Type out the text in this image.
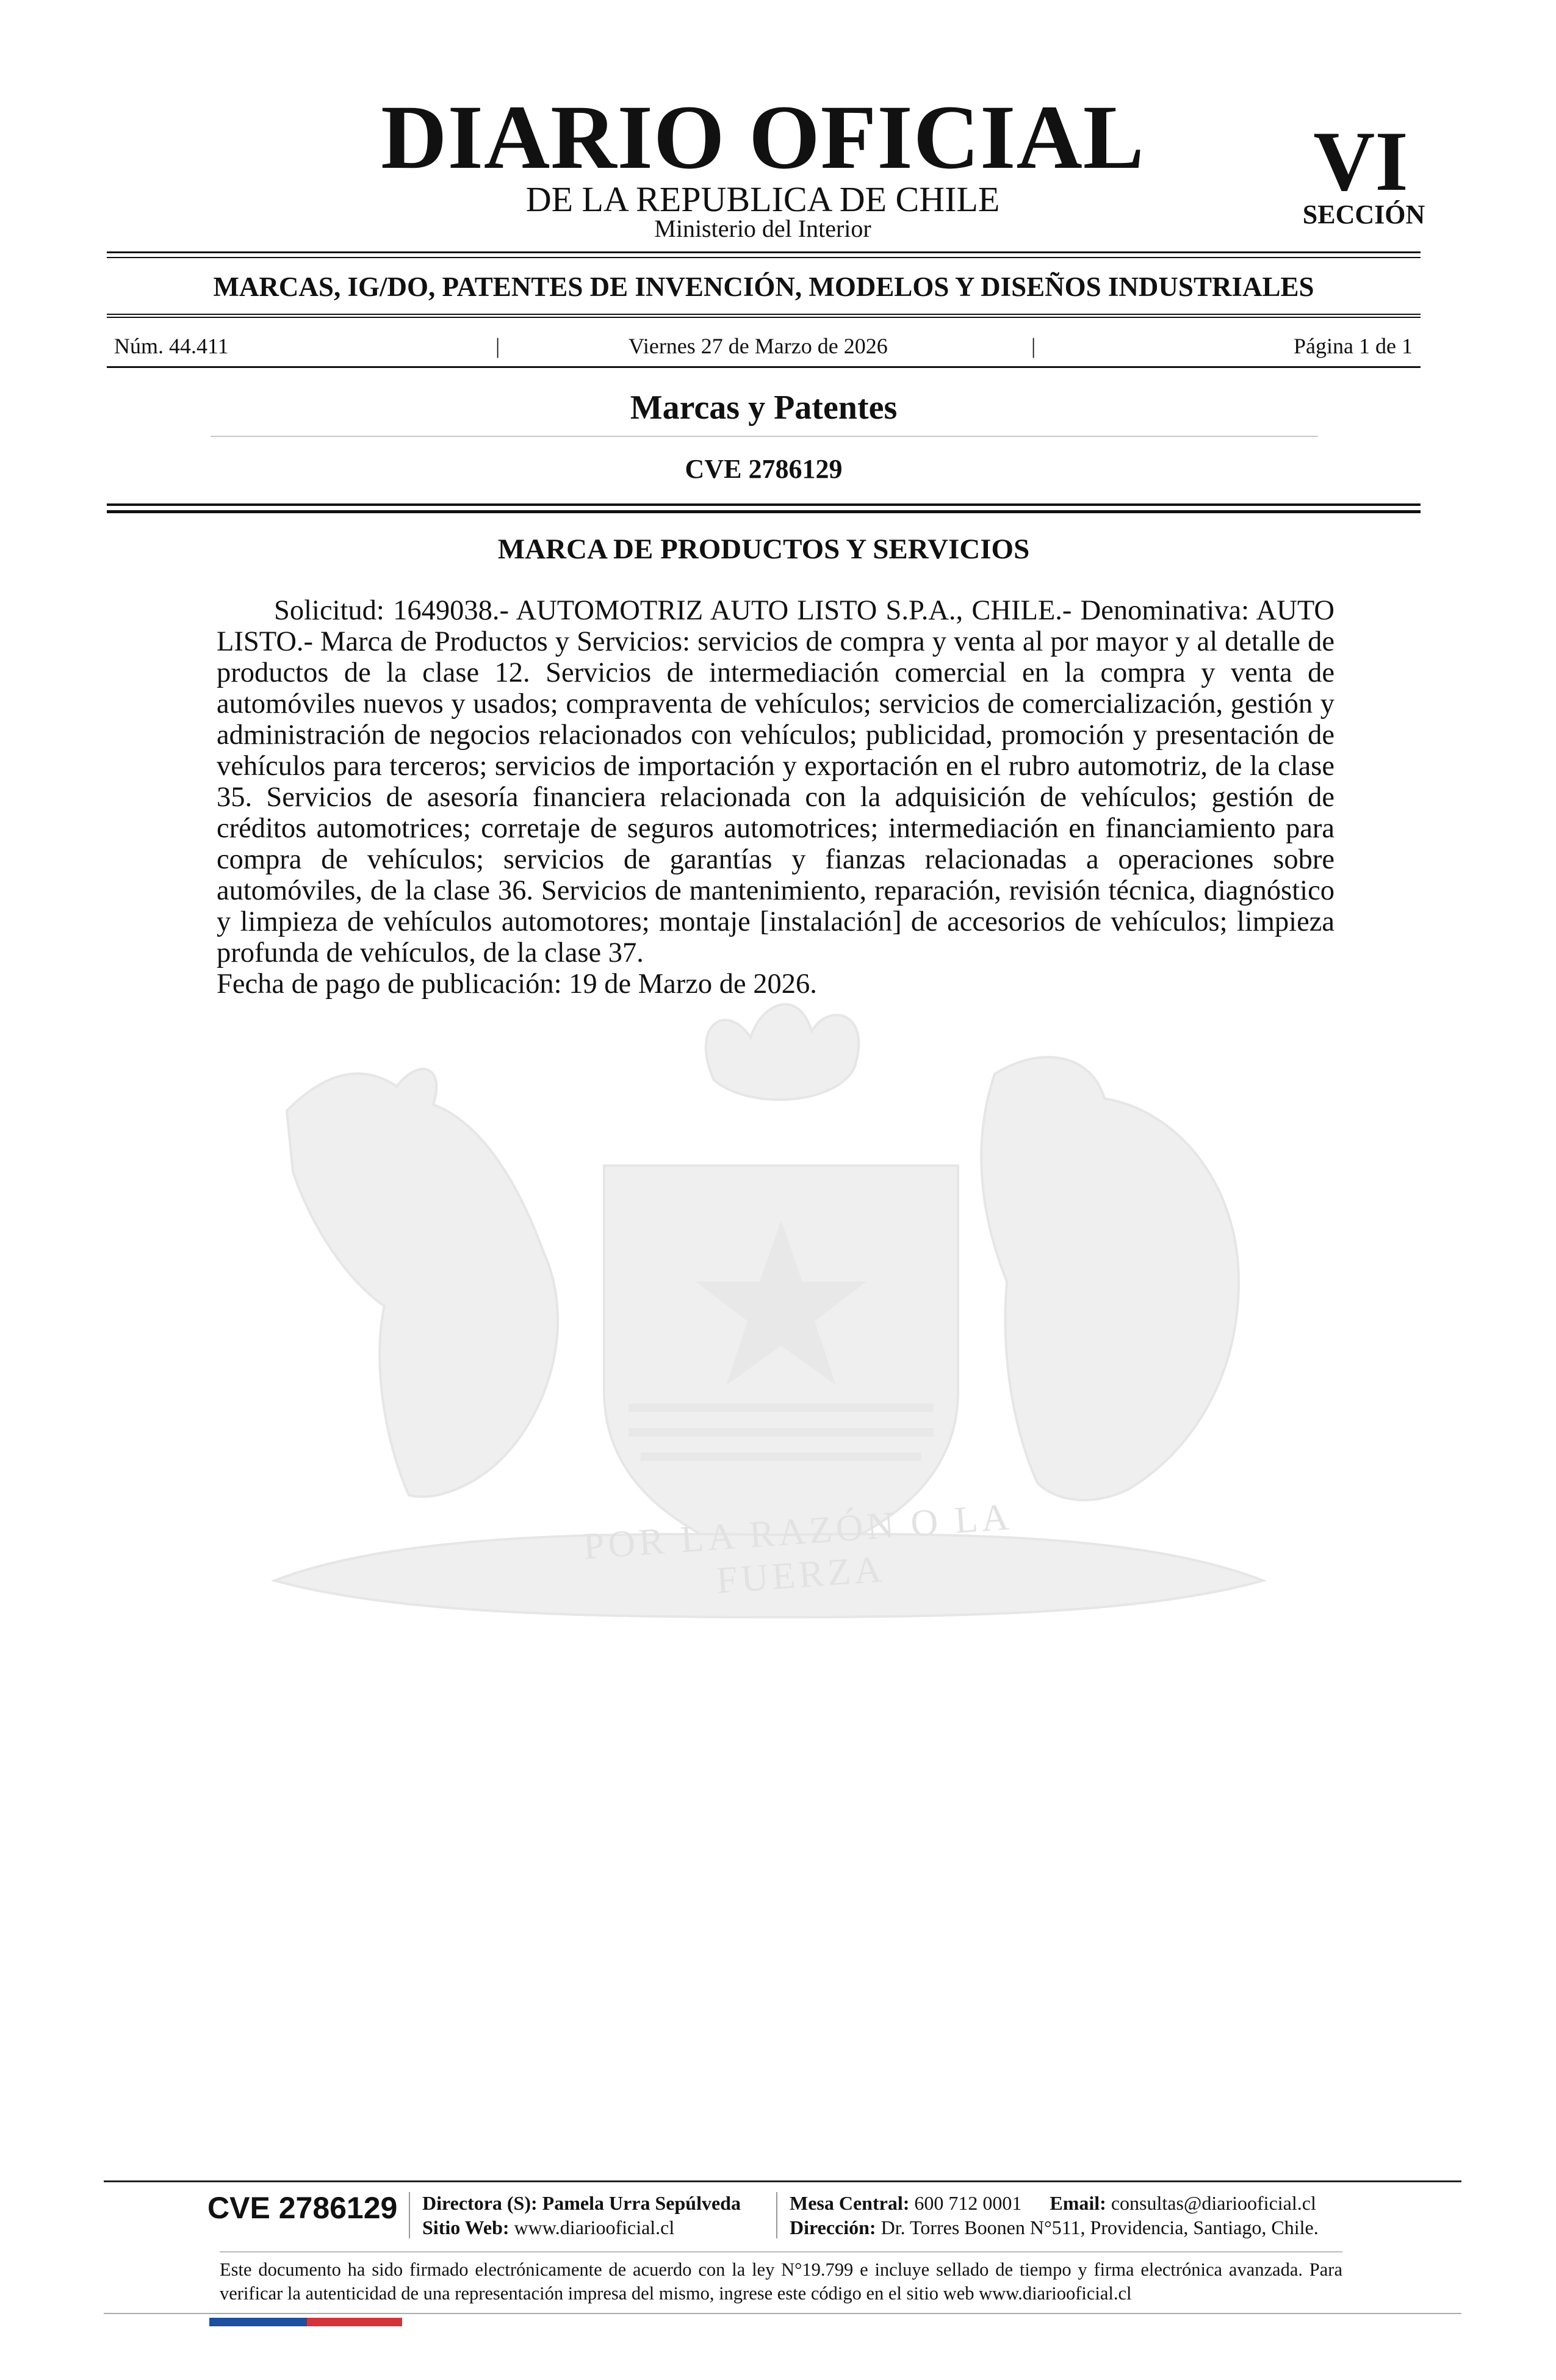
POR LA RAZÓN O LA FUERZA
DIARIO OFICIAL
DE LA REPUBLICA DE CHILE
Ministerio del Interior
VI
SECCIÓN
MARCAS, IG/DO, PATENTES DE INVENCIÓN, MODELOS Y DISEÑOS INDUSTRIALES
Núm. 44.411	|	Viernes 27 de Marzo de 2026	|	Página 1 de 1
Marcas y Patentes
CVE 2786129
MARCA DE PRODUCTOS Y SERVICIOS

Solicitud: 1649038.- AUTOMOTRIZ AUTO LISTO S.P.A., CHILE.- Denominativa: AUTO LISTO.- Marca de Productos y Servicios: servicios de compra y venta al por mayor y al detalle de productos de la clase 12. Servicios de intermediación comercial en la compra y venta de automóviles nuevos y usados; compraventa de vehículos; servicios de comercialización, gestión y administración de negocios relacionados con vehículos; publicidad, promoción y presentación de vehículos para terceros; servicios de importación y exportación en el rubro automotriz, de la clase 35. Servicios de asesoría financiera relacionada con la adquisición de vehículos; gestión de créditos automotrices; corretaje de seguros automotrices; intermediación en financiamiento para compra de vehículos; servicios de garantías y fianzas relacionadas a operaciones sobre automóviles, de la clase 36. Servicios de mantenimiento, reparación, revisión técnica, diagnóstico y limpieza de vehículos automotores; montaje [instalación] de accesorios de vehículos; limpieza profunda de vehículos, de la clase 37.

Fecha de pago de publicación: 19 de Marzo de 2026.

CVE 2786129 Directora (S): Pamela Urra Sepúlveda
Sitio Web: www.diariooficial.cl
Mesa Central: 600 712 0001 Email: consultas@diariooficial.cl
Dirección: Dr. Torres Boonen N°511, Providencia, Santiago, Chile.
Este documento ha sido firmado electrónicamente de acuerdo con la ley N°19.799 e incluye sellado de tiempo y firma electrónica avanzada. Para verificar la autenticidad de una representación impresa del mismo, ingrese este código en el sitio web www.diariooficial.cl
